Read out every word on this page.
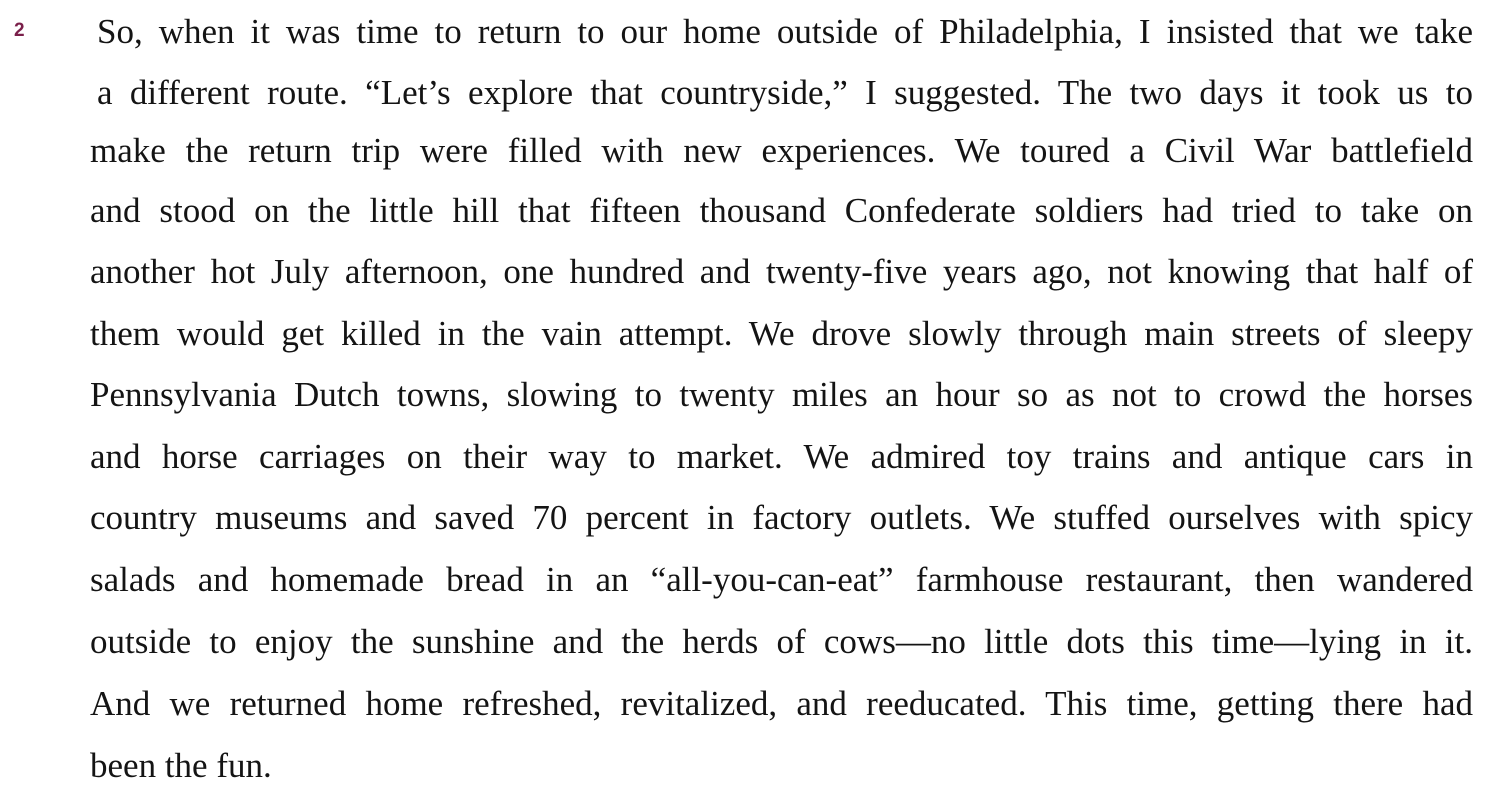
2 So, when it was time to return to our home outside of Philadelphia, I insisted that we take
a different route. “Let’s explore that countryside,” I suggested. The two days it took us to
make the return trip were filled with new experiences. We toured a Civil War battlefield
and stood on the little hill that fifteen thousand Confederate soldiers had tried to take on
another hot July afternoon, one hundred and twenty-five years ago, not knowing that half of
them would get killed in the vain attempt. We drove slowly through main streets of sleepy
Pennsylvania Dutch towns, slowing to twenty miles an hour so as not to crowd the horses
and horse carriages on their way to market. We admired toy trains and antique cars in
country museums and saved 70 percent in factory outlets. We stuffed ourselves with spicy
salads and homemade bread in an “all-you-can-eat” farmhouse restaurant, then wandered
outside to enjoy the sunshine and the herds of cows—no little dots this time—lying in it.
And we returned home refreshed, revitalized, and reeducated. This time, getting there had
been the fun.
